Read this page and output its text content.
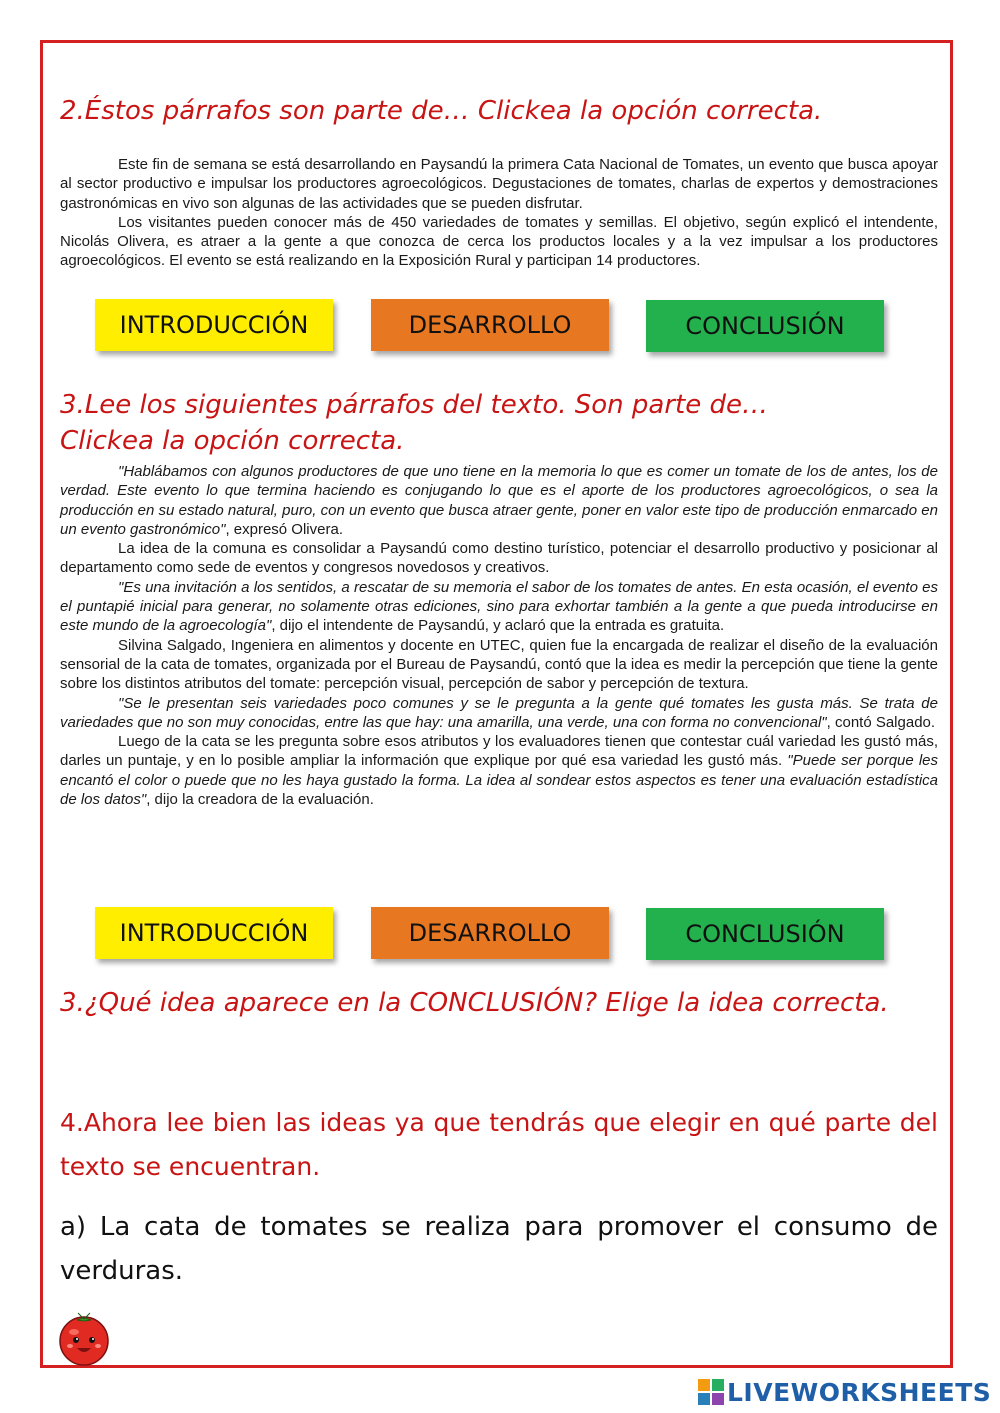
2.Éstos párrafos son parte de… Clickea la opción correcta.

Este fin de semana se está desarrollando en Paysandú la primera Cata Nacional de Tomates, un evento que busca apoyar al sector productivo e impulsar los productores agroecológicos. Degustaciones de tomates, charlas de expertos y demostraciones gastronómicas en vivo son algunas de las actividades que se pueden disfrutar.

Los visitantes pueden conocer más de 450 variedades de tomates y semillas. El objetivo, según explicó el intendente, Nicolás Olivera, es atraer a la gente a que conozca de cerca los productos locales y a la vez impulsar a los productores agroecológicos. El evento se está realizando en la Exposición Rural y participan 14 productores.

INTRODUCCIÓN	DESARROLLO	CONCLUSIÓN
3.Lee los siguientes párrafos del texto. Son parte de…
Clickea la opción correcta.

"Hablábamos con algunos productores de que uno tiene en la memoria lo que es comer un tomate de los de antes, los de verdad. Este evento lo que termina haciendo es conjugando lo que es el aporte de los productores agroecológicos, o sea la producción en su estado natural, puro, con un evento que busca atraer gente, poner en valor este tipo de producción enmarcado en un evento gastronómico", expresó Olivera.

La idea de la comuna es consolidar a Paysandú como destino turístico, potenciar el desarrollo productivo y posicionar al departamento como sede de eventos y congresos novedosos y creativos.

"Es una invitación a los sentidos, a rescatar de su memoria el sabor de los tomates de antes. En esta ocasión, el evento es el puntapié inicial para generar, no solamente otras ediciones, sino para exhortar también a la gente a que pueda introducirse en este mundo de la agroecología", dijo el intendente de Paysandú, y aclaró que la entrada es gratuita.

Silvina Salgado, Ingeniera en alimentos y docente en UTEC, quien fue la encargada de realizar el diseño de la evaluación sensorial de la cata de tomates, organizada por el Bureau de Paysandú, contó que la idea es medir la percepción que tiene la gente sobre los distintos atributos del tomate: percepción visual, percepción de sabor y percepción de textura.

"Se le presentan seis variedades poco comunes y se le pregunta a la gente qué tomates les gusta más. Se trata de variedades que no son muy conocidas, entre las que hay: una amarilla, una verde, una con forma no convencional", contó Salgado.

Luego de la cata se les pregunta sobre esos atributos y los evaluadores tienen que contestar cuál variedad les gustó más, darles un puntaje, y en lo posible ampliar la información que explique por qué esa variedad les gustó más. "Puede ser porque les encantó el color o puede que no les haya gustado la forma. La idea al sondear estos aspectos es tener una evaluación estadística de los datos", dijo la creadora de la evaluación.

INTRODUCCIÓN	DESARROLLO	CONCLUSIÓN
3.¿Qué idea aparece en la CONCLUSIÓN? Elige la idea correcta.

4.Ahora lee bien las ideas ya que tendrás que elegir en qué parte del texto se encuentran.

a) La cata de tomates se realiza para promover el consumo de verduras.

LIVEWORKSHEETS
